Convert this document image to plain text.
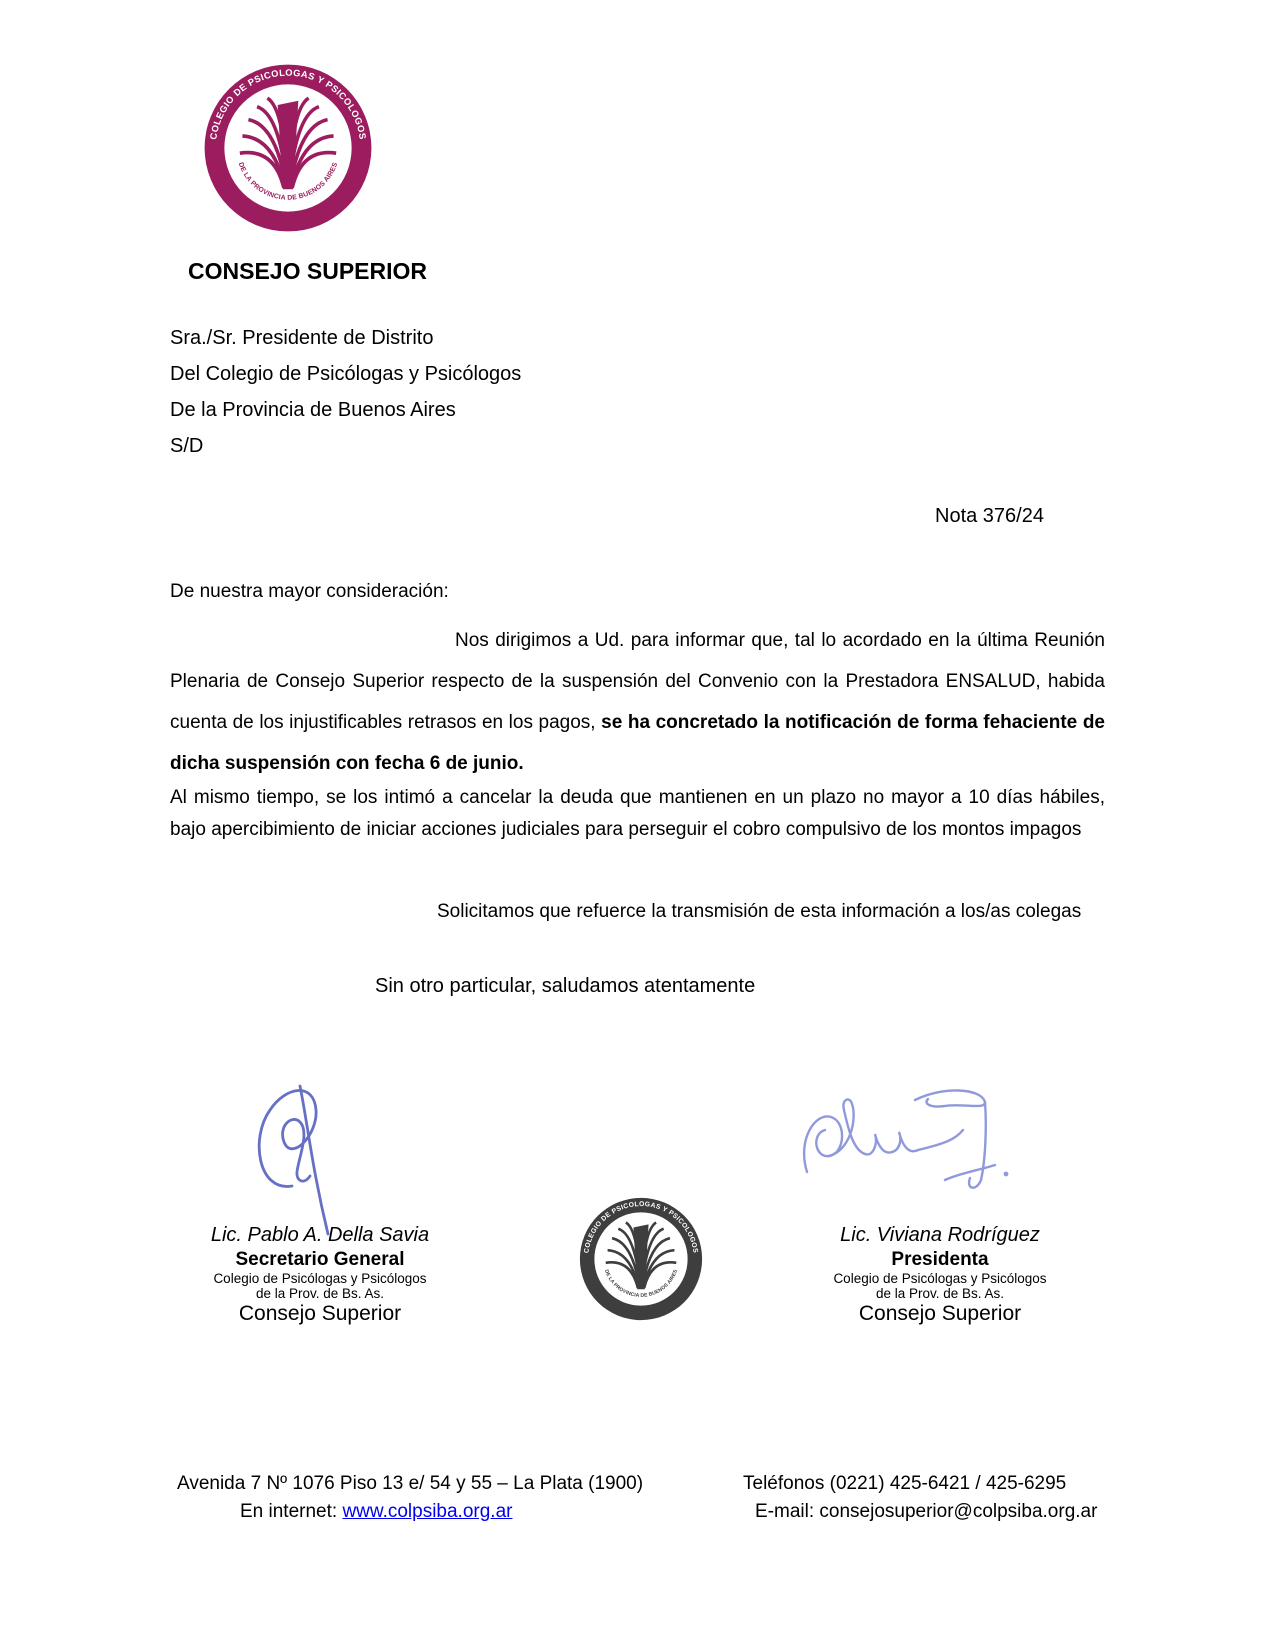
CONSEJO SUPERIOR
Sra./Sr. Presidente de Distrito
Del Colegio de Psicólogas y Psicólogos
De la Provincia de Buenos Aires
S/D
Nota 376/24
De nuestra mayor consideración:
Nos dirigimos a Ud. para informar que, tal lo acordado en la última Reunión Plenaria de Consejo Superior respecto de la suspensión del Convenio con la Prestadora ENSALUD, habida cuenta de los injustificables retrasos en los pagos, se ha concretado la notificación de forma fehaciente de dicha suspensión con fecha 6 de junio.
Al mismo tiempo, se los intimó a cancelar la deuda que mantienen en un plazo no mayor a 10 días hábiles, bajo apercibimiento de iniciar acciones judiciales para perseguir el cobro compulsivo de los montos impagos
Solicitamos que refuerce la transmisión de esta información a los/as colegas
Sin otro particular, saludamos atentamente
Lic. Pablo A. Della Savia
Secretario General
Colegio de Psicólogas y Psicólogos
de la Prov. de Bs. As.
Consejo Superior
Lic. Viviana Rodríguez
Presidenta
Colegio de Psicólogas y Psicólogos
de la Prov. de Bs. As.
Consejo Superior
Avenida 7 Nº 1076 Piso 13 e/ 54 y 55 – La Plata (1900)
En internet: www.colpsiba.org.ar
Teléfonos (0221) 425-6421 / 425-6295
E-mail: consejosuperior@colpsiba.org.ar
